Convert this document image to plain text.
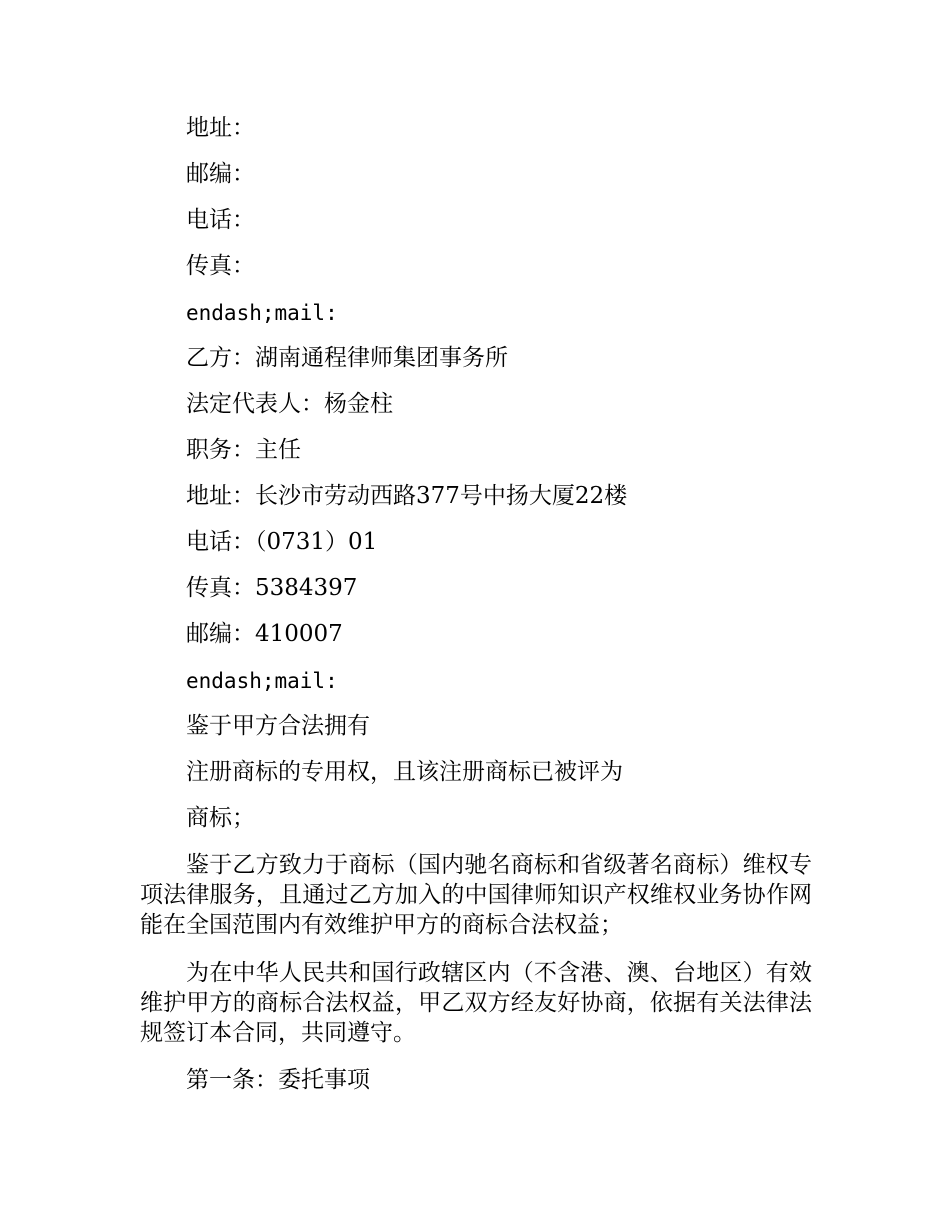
地址：
邮编：
电话：
传真：
endash;mail:
乙方：湖南通程律师集团事务所
法定代表人：杨金柱
职务：主任
地址：长沙市劳动西路377号中扬大厦22楼
电话：（0731）01
传真：5384397
邮编：410007
endash;mail:
鉴于甲方合法拥有
注册商标的专用权，且该注册商标已被评为
商标；
鉴于乙方致力于商标（国内驰名商标和省级著名商标）维权专项法律服务，且通过乙方加入的中国律师知识产权维权业务协作网能在全国范围内有效维护甲方的商标合法权益；
为在中华人民共和国行政辖区内（不含港、澳、台地区）有效维护甲方的商标合法权益，甲乙双方经友好协商，依据有关法律法规签订本合同，共同遵守。
第一条：委托事项
